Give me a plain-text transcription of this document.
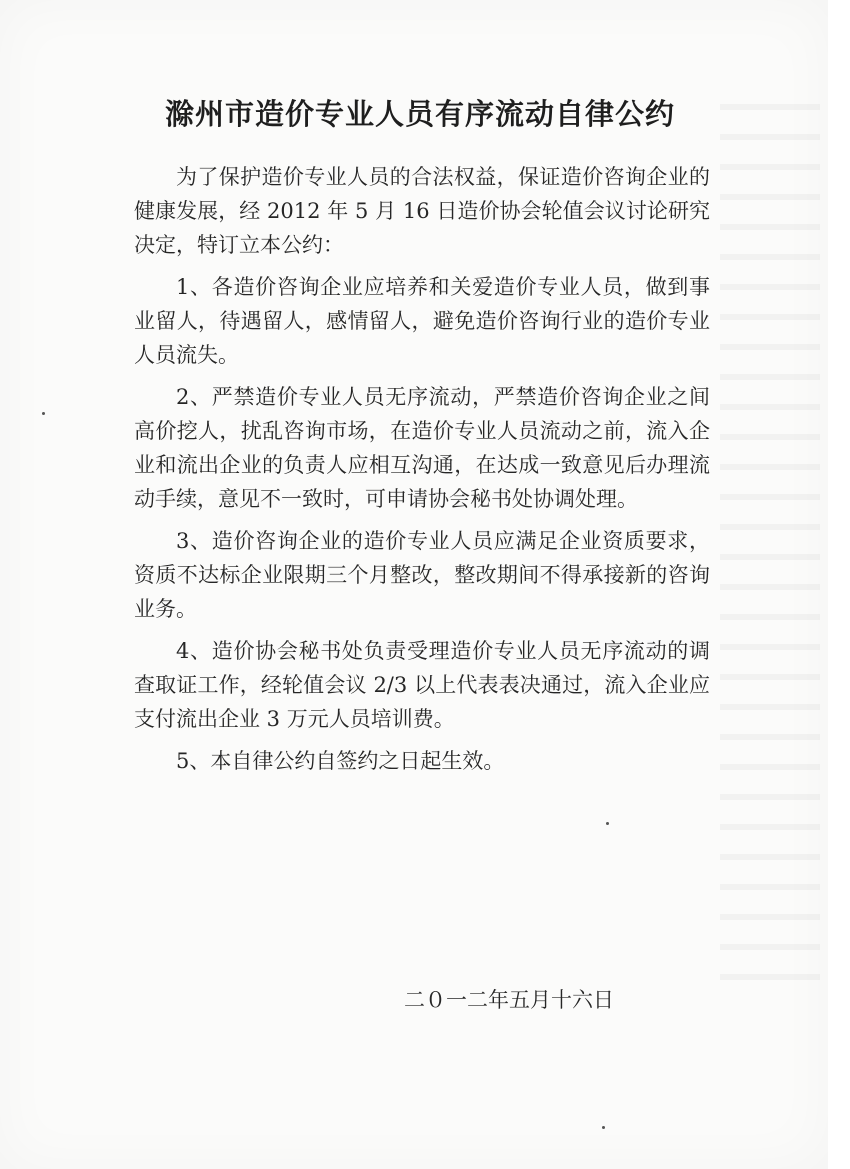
滁州市造价专业人员有序流动自律公约

为了保护造价专业人员的合法权益，保证造价咨询企业的健康发展，经 2012 年 5 月 16 日造价协会轮值会议讨论研究决定，特订立本公约：

1、各造价咨询企业应培养和关爱造价专业人员，做到事业留人，待遇留人，感情留人，避免造价咨询行业的造价专业人员流失。

2、严禁造价专业人员无序流动，严禁造价咨询企业之间高价挖人，扰乱咨询市场，在造价专业人员流动之前，流入企业和流出企业的负责人应相互沟通，在达成一致意见后办理流动手续，意见不一致时，可申请协会秘书处协调处理。

3、造价咨询企业的造价专业人员应满足企业资质要求，资质不达标企业限期三个月整改，整改期间不得承接新的咨询业务。

4、造价协会秘书处负责受理造价专业人员无序流动的调查取证工作，经轮值会议 2/3 以上代表表决通过，流入企业应支付流出企业 3 万元人员培训费。

5、本自律公约自签约之日起生效。

二０一二年五月十六日
